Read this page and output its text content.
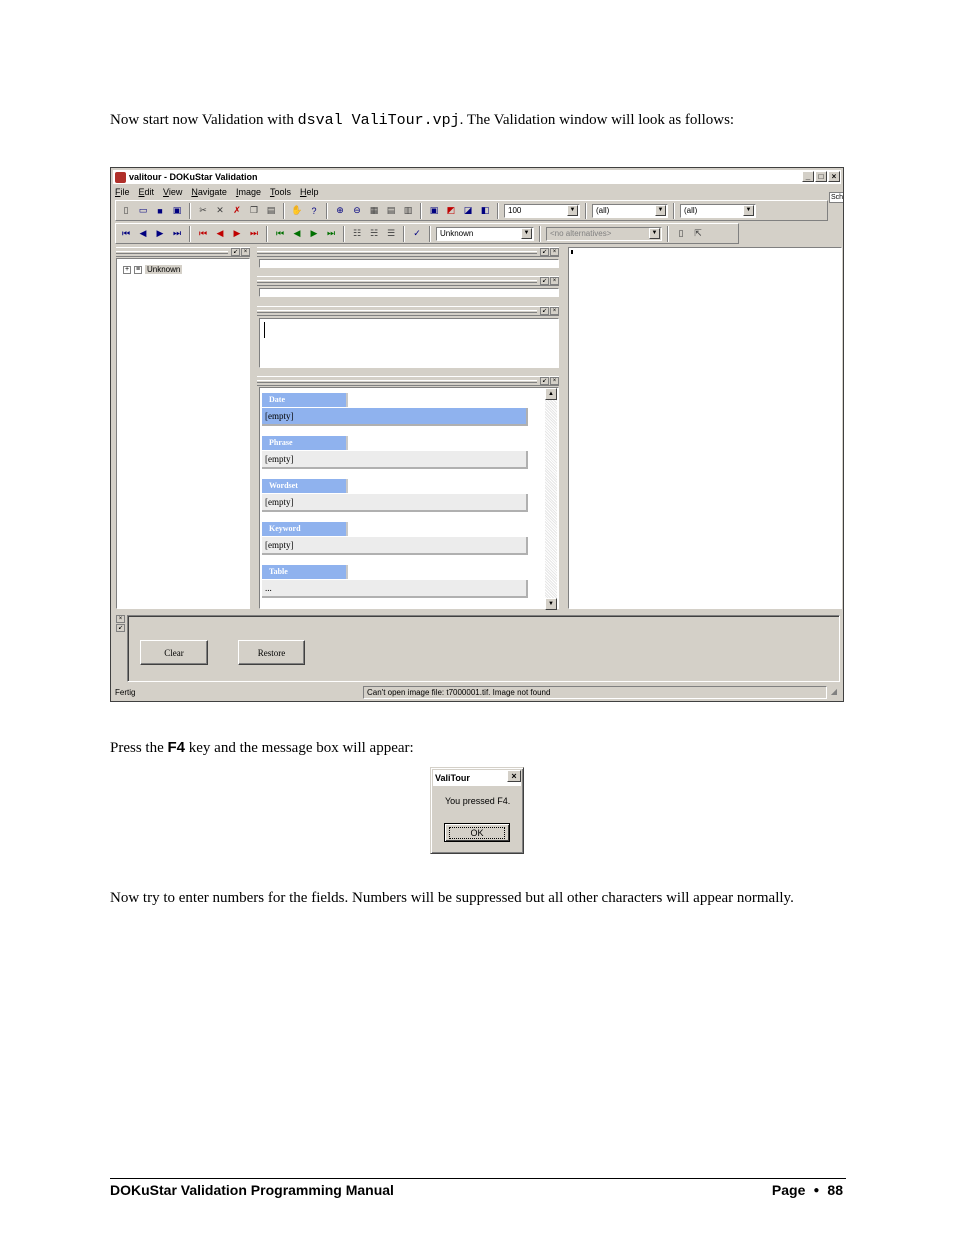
Now start now Validation with dsval ValiTour.vpj. The Validation window will look as follows:

valitour - DOKuStar Validation	_	□	×
File Edit View Navigate Image Tools Help
Sch
▯	▭	■	▣	✂	✕	✗	❐ ▤	✋ ?	⊕	⊖ ▦ ▤ ▥	▣ ◩ ◪ ◧	100	▼	(all)	▼	(all)	▼
⏮	◀	▶	⏭	⏮	◀	▶	⏭	⏮	◀	▶	⏭	☷ ☵ ☰	✓	Unknown	▼	<no alternatives>	▼	▯	⇱
↙ ×
+ ≡ Unknown
↙ ×
↙ ×
↙ ×
↙ ×
×
↙
Date
[empty]
Phrase
[empty]
Wordset
[empty]
Keyword
[empty]
Table
...
▲
▼
Clear	Restore
Fertig	Can't open image file: t7000001.tif. Image not found	◢

Press the F4 key and the message box will appear:

ValiTour	×
You pressed F4.
OK

Now try to enter numbers for the fields. Numbers will be suppressed but all other characters will appear normally.

DOKuStar Validation Programming Manual	Page ● 88
